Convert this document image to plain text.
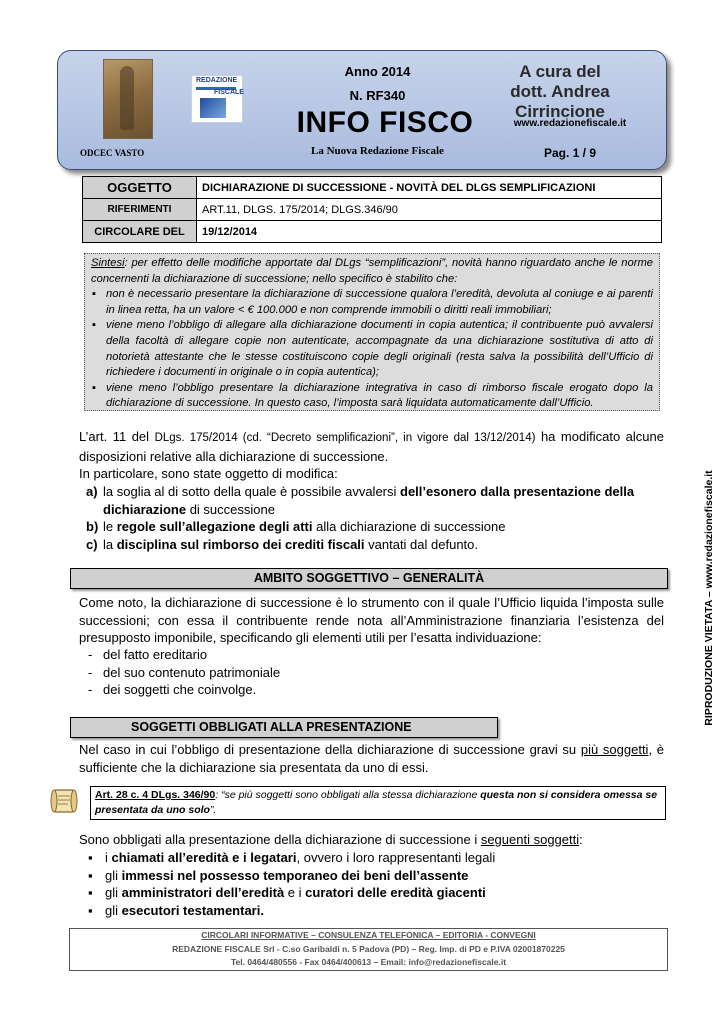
ODCEC VASTO
REDAZIONE
FISCALE
Anno 2014
N. RF340
INFO FISCO
La Nuova Redazione Fiscale
A cura del
dott. Andrea Cirrincione
www.redazionefiscale.it
Pag. 1 / 9
OGGETTO	DICHIARAZIONE DI SUCCESSIONE - NOVITÀ DEL DLGS SEMPLIFICAZIONI
RIFERIMENTI	ART.11, DLGS. 175/2014; DLGS.346/90
CIRCOLARE DEL	19/12/2014
Sintesi: per effetto delle modifiche apportate dal DLgs “semplificazioni”, novità hanno riguardato anche le norme concernenti la dichiarazione di successione; nello specifico è stabilito che:
▪ non è necessario presentare la dichiarazione di successione qualora l’eredità, devoluta al coniuge e ai parenti in linea retta, ha un valore < € 100.000 e non comprende immobili o diritti reali immobiliari;
▪ viene meno l’obbligo di allegare alla dichiarazione documenti in copia autentica; il contribuente può avvalersi della facoltà di allegare copie non autenticate, accompagnate da una dichiarazione sostitutiva di atto di notorietà attestante che le stesse costituiscono copie degli originali (resta salva la possibilità dell’Ufficio di richiedere i documenti in originale o in copia autentica);
▪ viene meno l’obbligo presentare la dichiarazione integrativa in caso di rimborso fiscale erogato dopo la dichiarazione di successione. In questo caso, l’imposta sarà liquidata automaticamente dall’Ufficio.
L’art. 11 del DLgs. 175/2014 (cd. “Decreto semplificazioni”, in vigore dal 13/12/2014) ha modificato alcune disposizioni relative alla dichiarazione di successione.
In particolare, sono state oggetto di modifica:
a) la soglia al di sotto della quale è possibile avvalersi dell’esonero dalla presentazione della dichiarazione di successione
b) le regole sull’allegazione degli atti alla dichiarazione di successione
c) la disciplina sul rimborso dei crediti fiscali vantati dal defunto.
AMBITO SOGGETTIVO – GENERALITÀ
Come noto, la dichiarazione di successione è lo strumento con il quale l’Ufficio liquida l’imposta sulle successioni; con essa il contribuente rende nota all’Amministrazione finanziaria l’esistenza del presupposto imponibile, specificando gli elementi utili per l’esatta individuazione:
- del fatto ereditario
- del suo contenuto patrimoniale
- dei soggetti che coinvolge.
SOGGETTI OBBLIGATI ALLA PRESENTAZIONE
Nel caso in cui l’obbligo di presentazione della dichiarazione di successione gravi su più soggetti, è sufficiente che la dichiarazione sia presentata da uno di essi.
Art. 28 c. 4 DLgs. 346/90: “se più soggetti sono obbligati alla stessa dichiarazione questa non si considera omessa se presentata da uno solo”.
Sono obbligati alla presentazione della dichiarazione di successione i seguenti soggetti:
▪ i chiamati all’eredità e i legatari, ovvero i loro rappresentanti legali
▪ gli immessi nel possesso temporaneo dei beni dell’assente
▪ gli amministratori dell’eredità e i curatori delle eredità giacenti
▪ gli esecutori testamentari.
CIRCOLARI INFORMATIVE – CONSULENZA TELEFONICA – EDITORIA - CONVEGNI
REDAZIONE FISCALE Srl - C.so Garibaldi n. 5 Padova (PD) – Reg. Imp. di PD e P.IVA 02001870225
Tel. 0464/480556 - Fax 0464/400613 – Email: info@redazionefiscale.it
RIPRODUZIONE VIETATA – www.redazionefiscale.it
